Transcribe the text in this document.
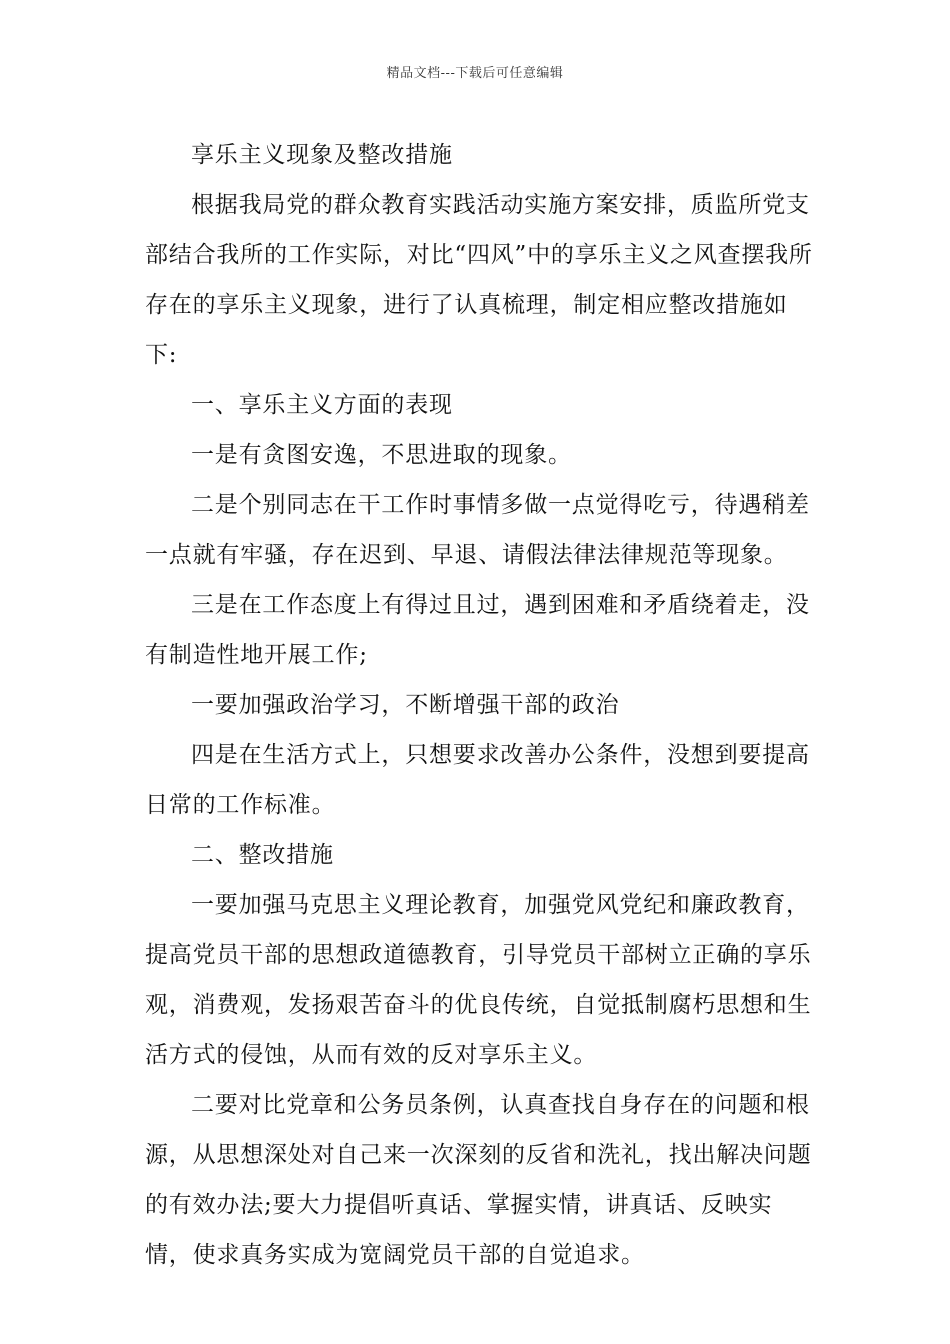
精品文档---下载后可任意编辑

享乐主义现象及整改措施

根据我局党的群众教育实践活动实施方案安排，质监所党支部结合我所的工作实际，对比“四风”中的享乐主义之风查摆我所存在的享乐主义现象，进行了认真梳理，制定相应整改措施如下:

一、享乐主义方面的表现

一是有贪图安逸，不思进取的现象。

二是个别同志在干工作时事情多做一点觉得吃亏，待遇稍差一点就有牢骚，存在迟到、早退、请假法律法律规范等现象。

三是在工作态度上有得过且过，遇到困难和矛盾绕着走，没有制造性地开展工作;

一要加强政治学习，不断增强干部的政治

四是在生活方式上，只想要求改善办公条件，没想到要提高日常的工作标准。

二、整改措施

一要加强马克思主义理论教育，加强党风党纪和廉政教育，提高党员干部的思想政道德教育，引导党员干部树立正确的享乐观，消费观，发扬艰苦奋斗的优良传统，自觉抵制腐朽思想和生活方式的侵蚀，从而有效的反对享乐主义。

二要对比党章和公务员条例，认真查找自身存在的问题和根源，从思想深处对自己来一次深刻的反省和洗礼，找出解决问题的有效办法;要大力提倡听真话、掌握实情，讲真话、反映实情，使求真务实成为宽阔党员干部的自觉追求。
